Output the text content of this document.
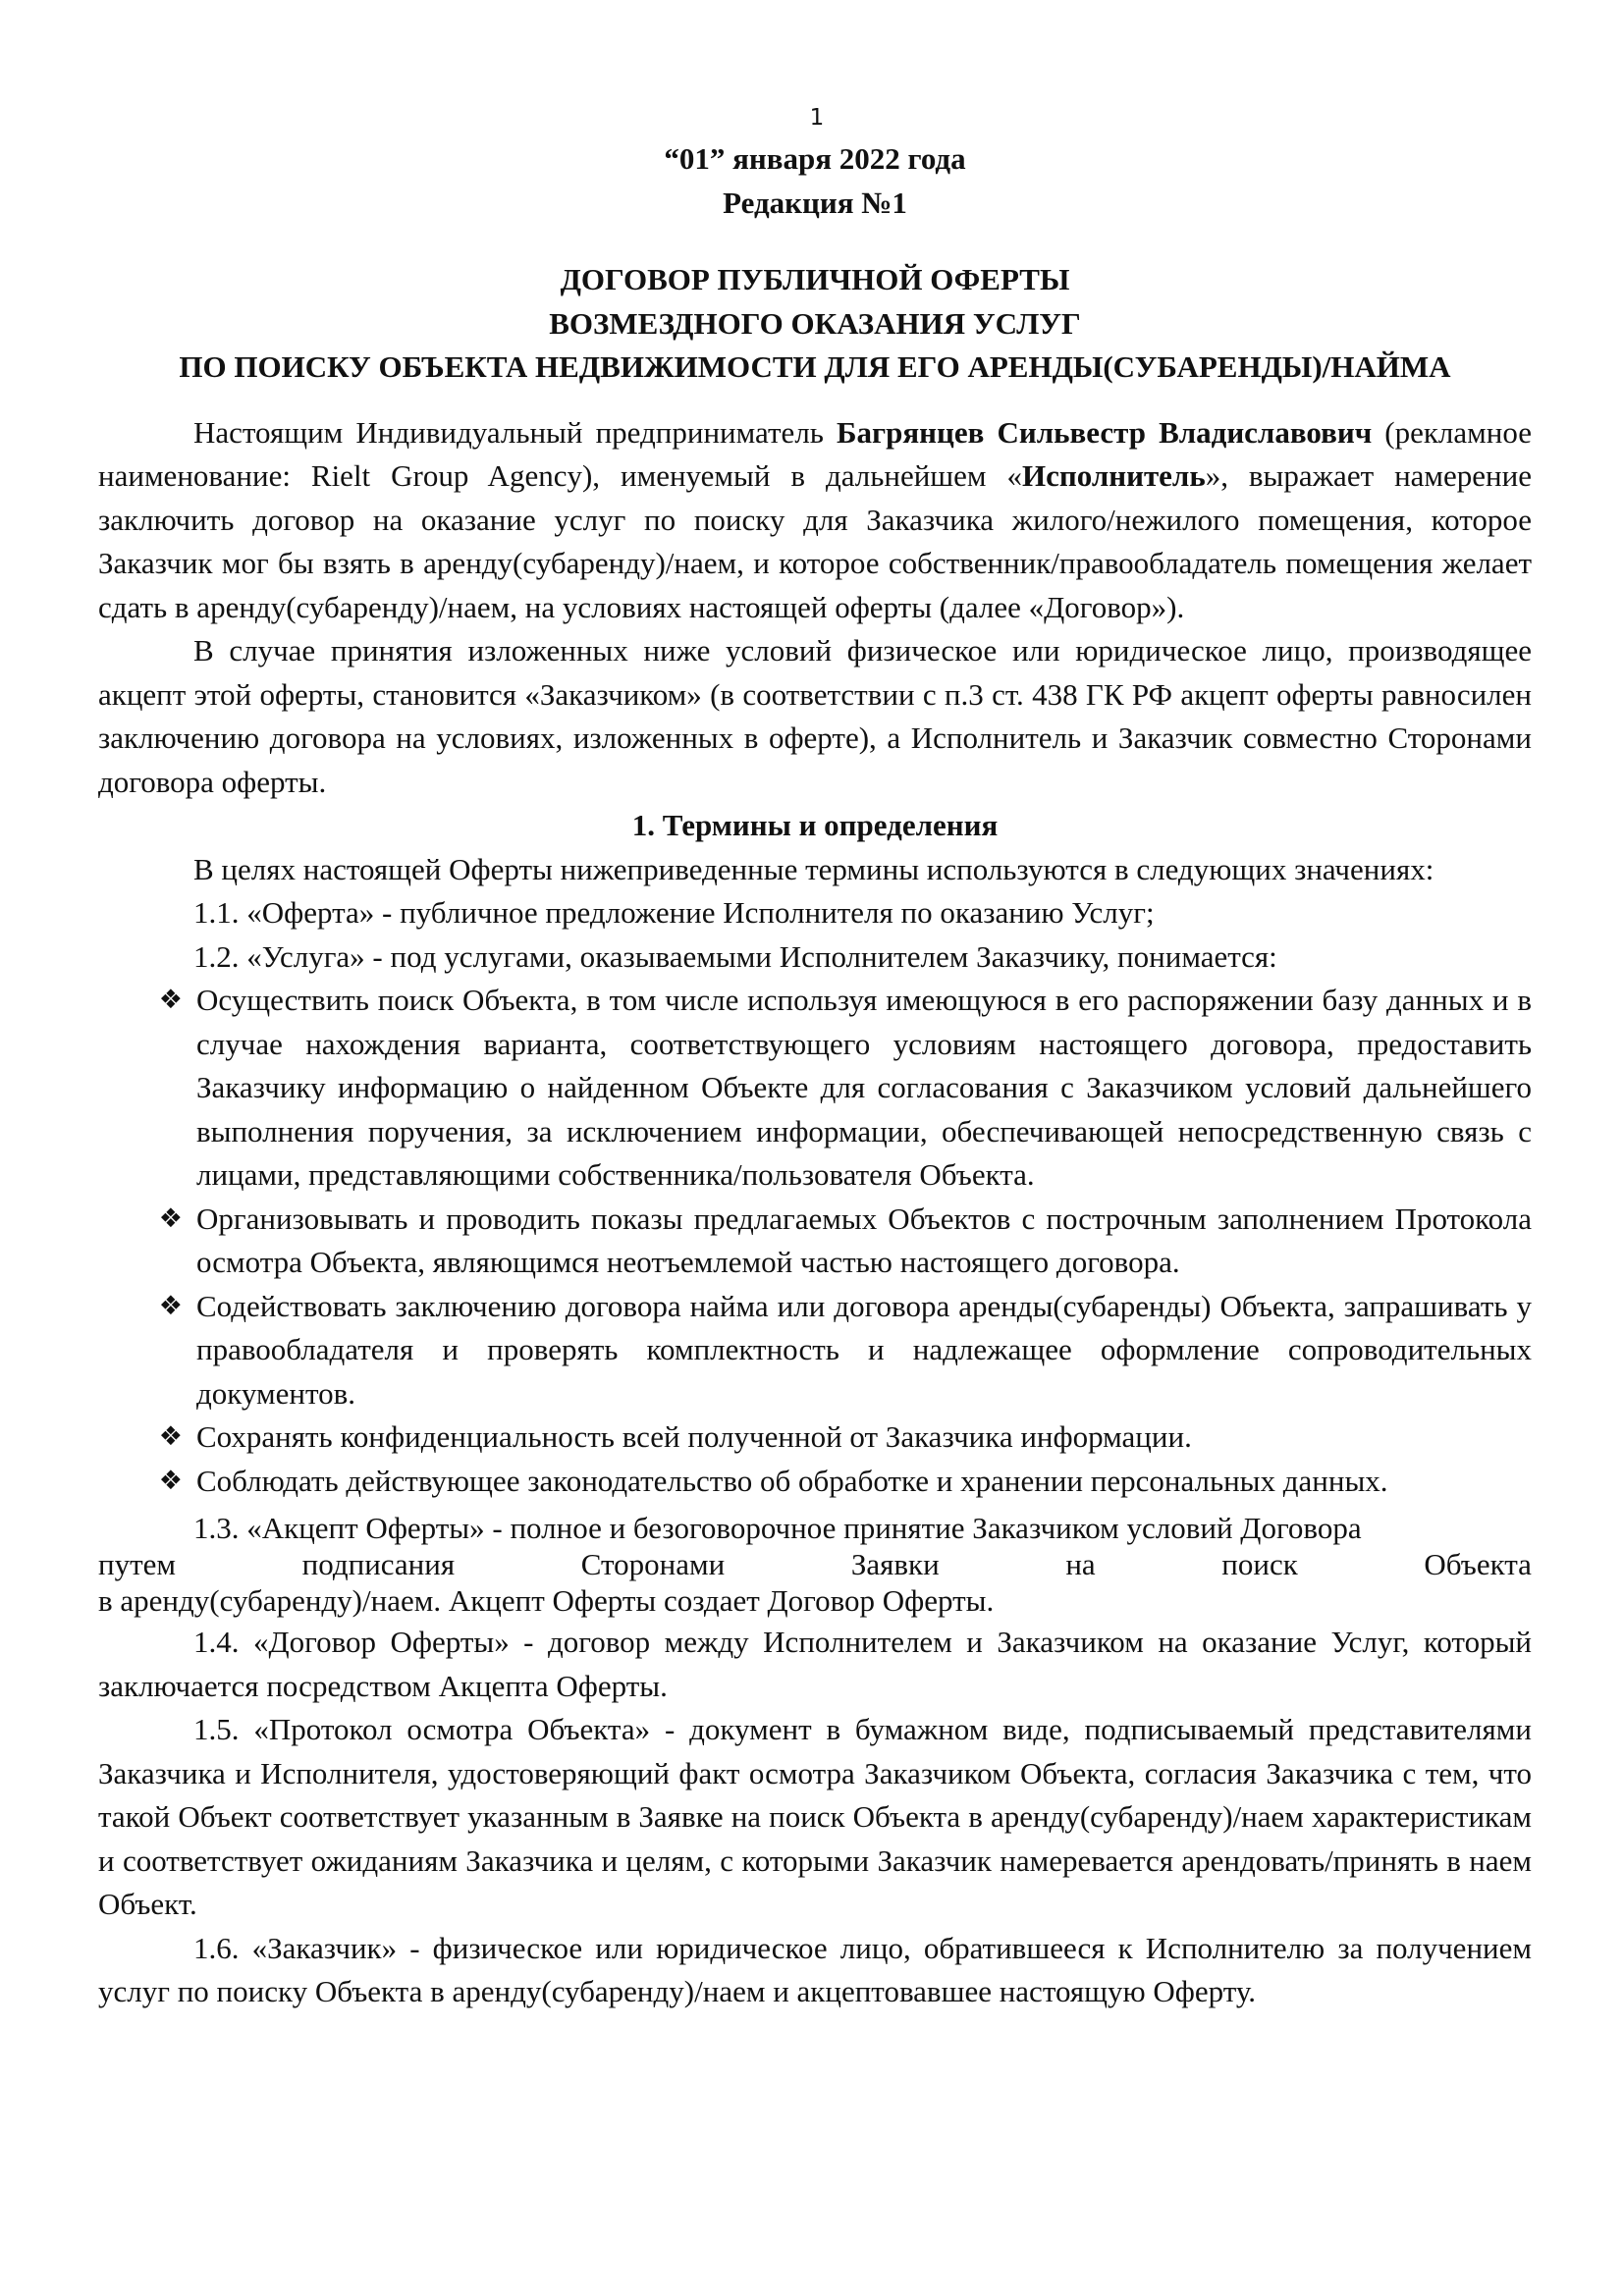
1
“01” января 2022 года
Редакция №1
ДОГОВОР ПУБЛИЧНОЙ ОФЕРТЫ
ВОЗМЕЗДНОГО ОКАЗАНИЯ УСЛУГ
ПО ПОИСКУ ОБЪЕКТА НЕДВИЖИМОСТИ ДЛЯ ЕГО АРЕНДЫ(СУБАРЕНДЫ)/НАЙМА

Настоящим Индивидуальный предприниматель Багрянцев Сильвестр Владиславович (рекламное наименование: Rielt Group Agency), именуемый в дальнейшем «Исполнитель», выражает намерение заключить договор на оказание услуг по поиску для Заказчика жилого/нежилого помещения, которое Заказчик мог бы взять в аренду(субаренду)/наем, и которое собственник/правообладатель помещения желает сдать в аренду(субаренду)/наем, на условиях настоящей оферты (далее «Договор»).

В случае принятия изложенных ниже условий физическое или юридическое лицо, производящее акцепт этой оферты, становится «Заказчиком» (в соответствии с п.3 ст. 438 ГК РФ акцепт оферты равносилен заключению договора на условиях, изложенных в оферте), а Исполнитель и Заказчик совместно Сторонами договора оферты.

1. Термины и определения

В целях настоящей Оферты нижеприведенные термины используются в следующих значениях:

1.1. «Оферта» - публичное предложение Исполнителя по оказанию Услуг;

1.2. «Услуга» - под услугами, оказываемыми Исполнителем Заказчику, понимается:

❖ Осуществить поиск Объекта, в том числе используя имеющуюся в его распоряжении базу данных и в случае нахождения варианта, соответствующего условиям настоящего договора, предоставить Заказчику информацию о найденном Объекте для согласования с Заказчиком условий дальнейшего выполнения поручения, за исключением информации, обеспечивающей непосредственную связь с лицами, представляющими собственника/пользователя Объекта.
❖ Организовывать и проводить показы предлагаемых Объектов с построчным заполнением Протокола осмотра Объекта, являющимся неотъемлемой частью настоящего договора.
❖ Содействовать заключению договора найма или договора аренды(субаренды) Объекта, запрашивать у правообладателя и проверять комплектность и надлежащее оформление сопроводительных документов.
❖ Сохранять конфиденциальность всей полученной от Заказчика информации.
❖ Соблюдать действующее законодательство об обработке и хранении персональных данных.
1.3. «Акцепт Оферты» - полное и безоговорочное принятие Заказчиком условий Договора
путем	подписания	Сторонами	Заявки	на	поиск	Объекта
в аренду(субаренду)/наем. Акцепт Оферты создает Договор Оферты.

1.4. «Договор Оферты» - договор между Исполнителем и Заказчиком на оказание Услуг, который заключается посредством Акцепта Оферты.

1.5. «Протокол осмотра Объекта» - документ в бумажном виде, подписываемый представителями Заказчика и Исполнителя, удостоверяющий факт осмотра Заказчиком Объекта, согласия Заказчика с тем, что такой Объект соответствует указанным в Заявке на поиск Объекта в аренду(субаренду)/наем характеристикам и соответствует ожиданиям Заказчика и целям, с которыми Заказчик намеревается арендовать/принять в наем Объект.

1.6. «Заказчик» - физическое или юридическое лицо, обратившееся к Исполнителю за получением услуг по поиску Объекта в аренду(субаренду)/наем и акцептовавшее настоящую Оферту.
